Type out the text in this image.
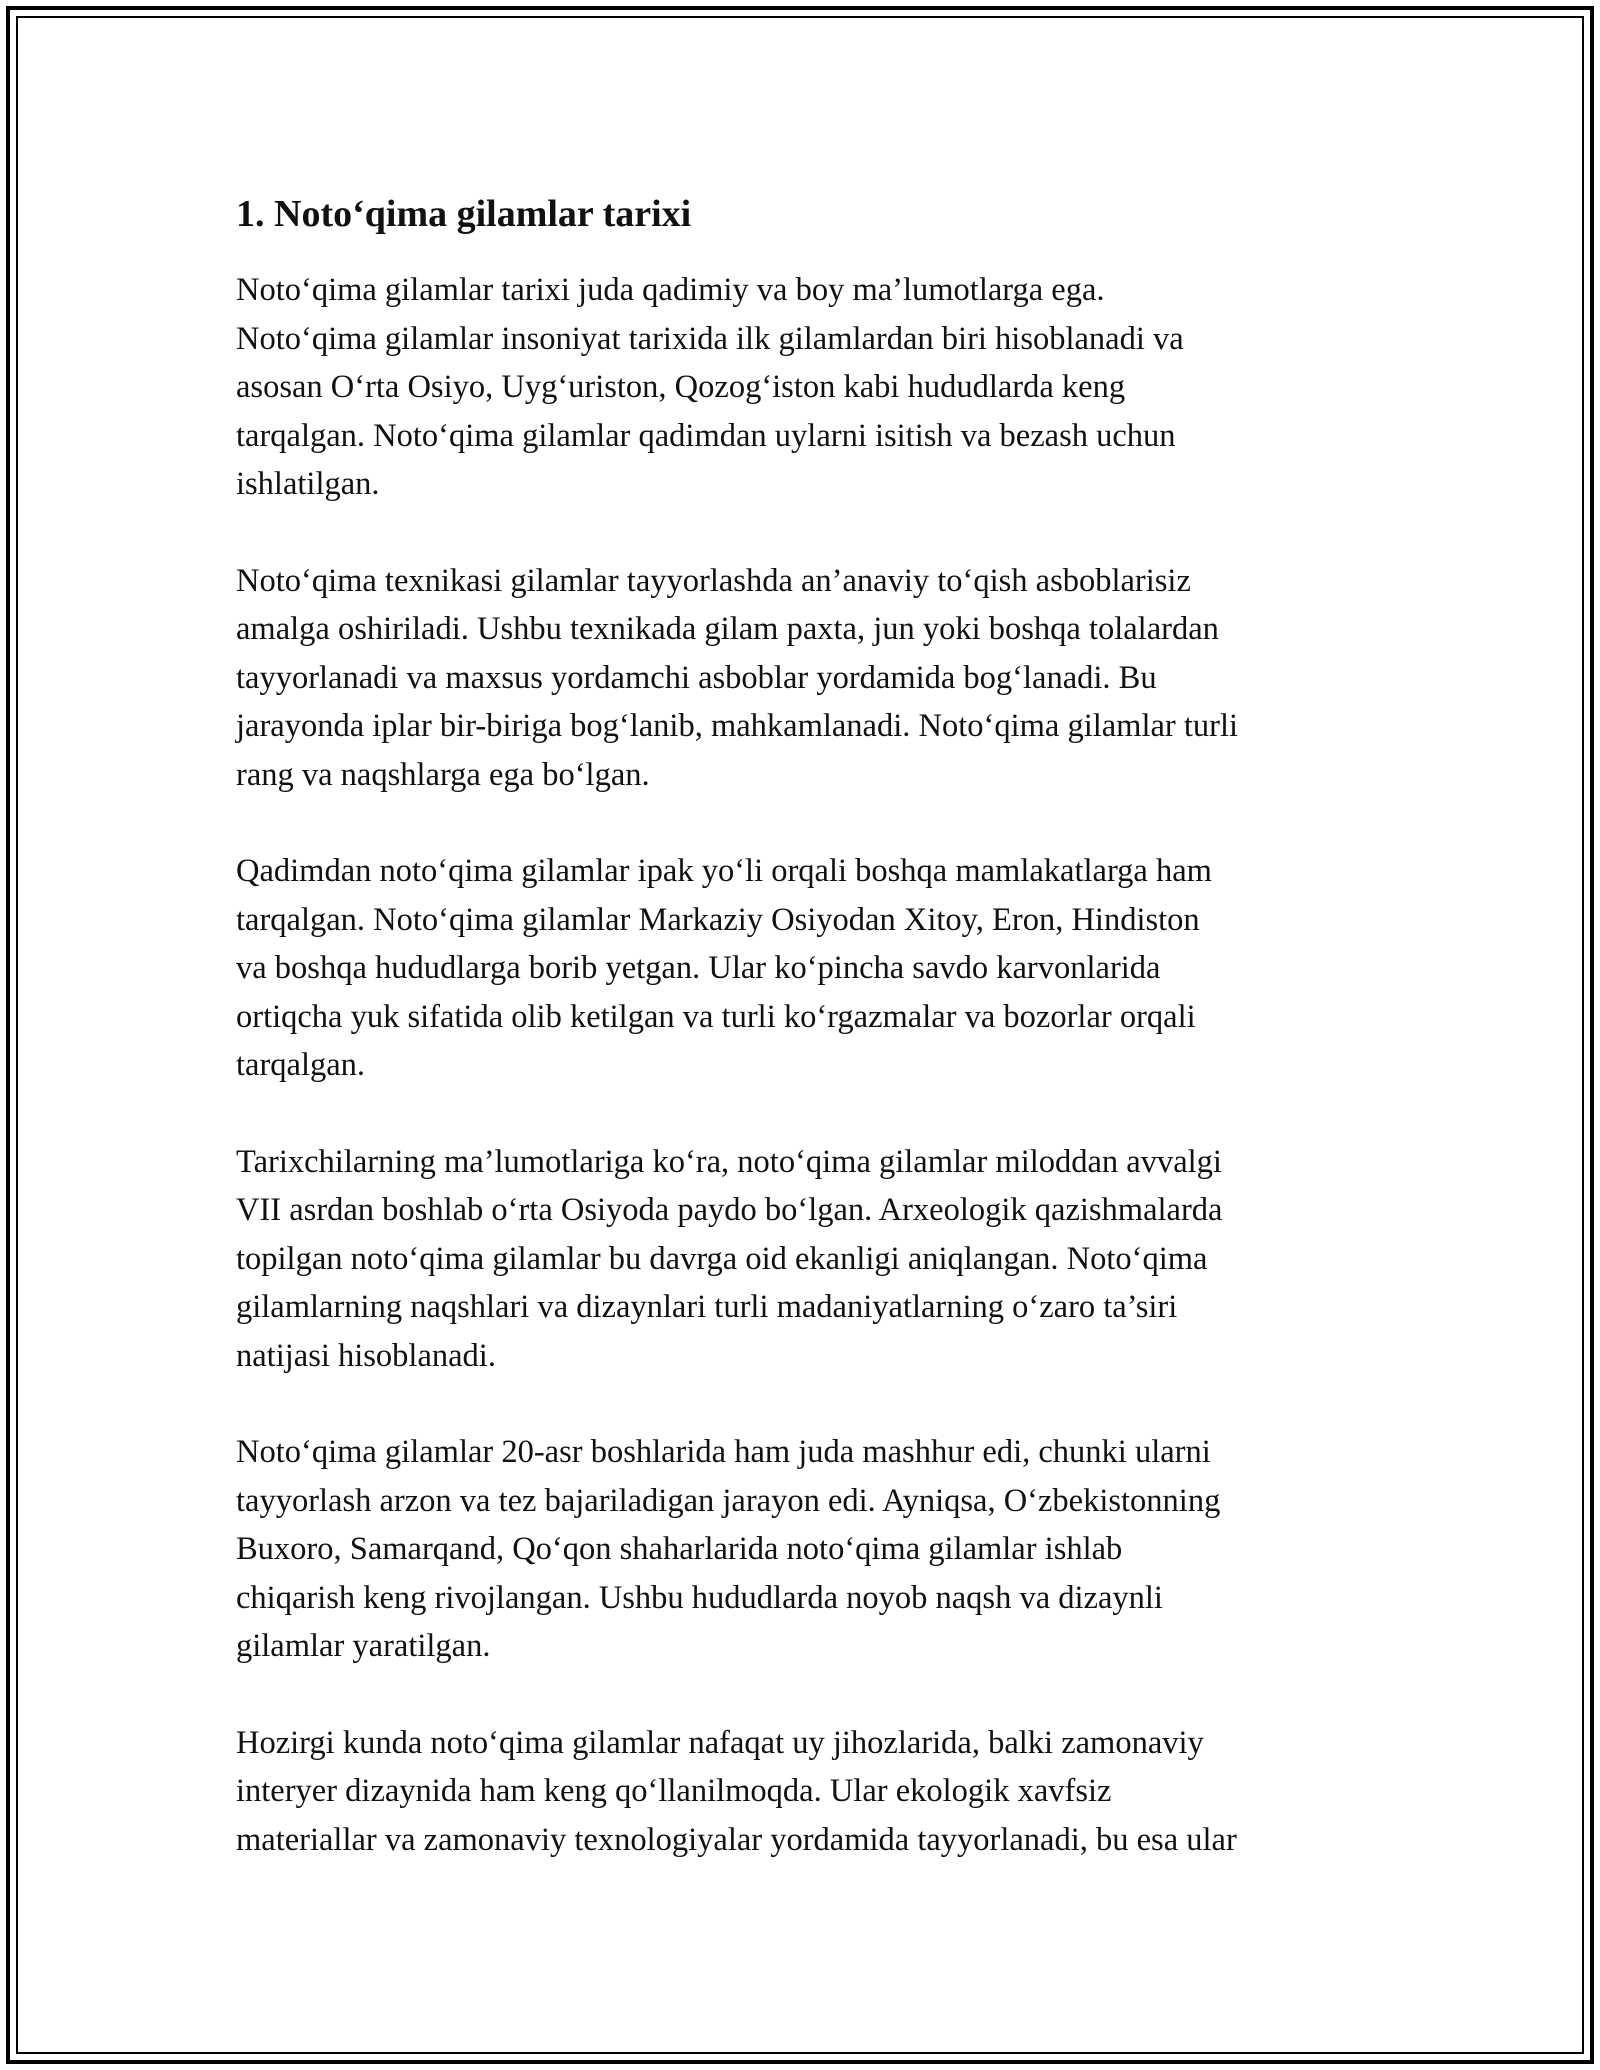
1. Noto‘qima gilamlar tarixi
Noto‘qima gilamlar tarixi juda qadimiy va boy ma’lumotlarga ega.
Noto‘qima gilamlar insoniyat tarixida ilk gilamlardan biri hisoblanadi va
asosan O‘rta Osiyo, Uyg‘uriston, Qozog‘iston kabi hududlarda keng
tarqalgan. Noto‘qima gilamlar qadimdan uylarni isitish va bezash uchun
ishlatilgan.
Noto‘qima texnikasi gilamlar tayyorlashda an’anaviy to‘qish asboblarisiz
amalga oshiriladi. Ushbu texnikada gilam paxta, jun yoki boshqa tolalardan
tayyorlanadi va maxsus yordamchi asboblar yordamida bog‘lanadi. Bu
jarayonda iplar bir-biriga bog‘lanib, mahkamlanadi. Noto‘qima gilamlar turli
rang va naqshlarga ega bo‘lgan.
Qadimdan noto‘qima gilamlar ipak yo‘li orqali boshqa mamlakatlarga ham
tarqalgan. Noto‘qima gilamlar Markaziy Osiyodan Xitoy, Eron, Hindiston
va boshqa hududlarga borib yetgan. Ular ko‘pincha savdo karvonlarida
ortiqcha yuk sifatida olib ketilgan va turli ko‘rgazmalar va bozorlar orqali
tarqalgan.
Tarixchilarning ma’lumotlariga ko‘ra, noto‘qima gilamlar miloddan avvalgi
VII asrdan boshlab o‘rta Osiyoda paydo bo‘lgan. Arxeologik qazishmalarda
topilgan noto‘qima gilamlar bu davrga oid ekanligi aniqlangan. Noto‘qima
gilamlarning naqshlari va dizaynlari turli madaniyatlarning o‘zaro ta’siri
natijasi hisoblanadi.
Noto‘qima gilamlar 20-asr boshlarida ham juda mashhur edi, chunki ularni
tayyorlash arzon va tez bajariladigan jarayon edi. Ayniqsa, O‘zbekistonning
Buxoro, Samarqand, Qo‘qon shaharlarida noto‘qima gilamlar ishlab
chiqarish keng rivojlangan. Ushbu hududlarda noyob naqsh va dizaynli
gilamlar yaratilgan.
Hozirgi kunda noto‘qima gilamlar nafaqat uy jihozlarida, balki zamonaviy
interyer dizaynida ham keng qo‘llanilmoqda. Ular ekologik xavfsiz
materiallar va zamonaviy texnologiyalar yordamida tayyorlanadi, bu esa ular
